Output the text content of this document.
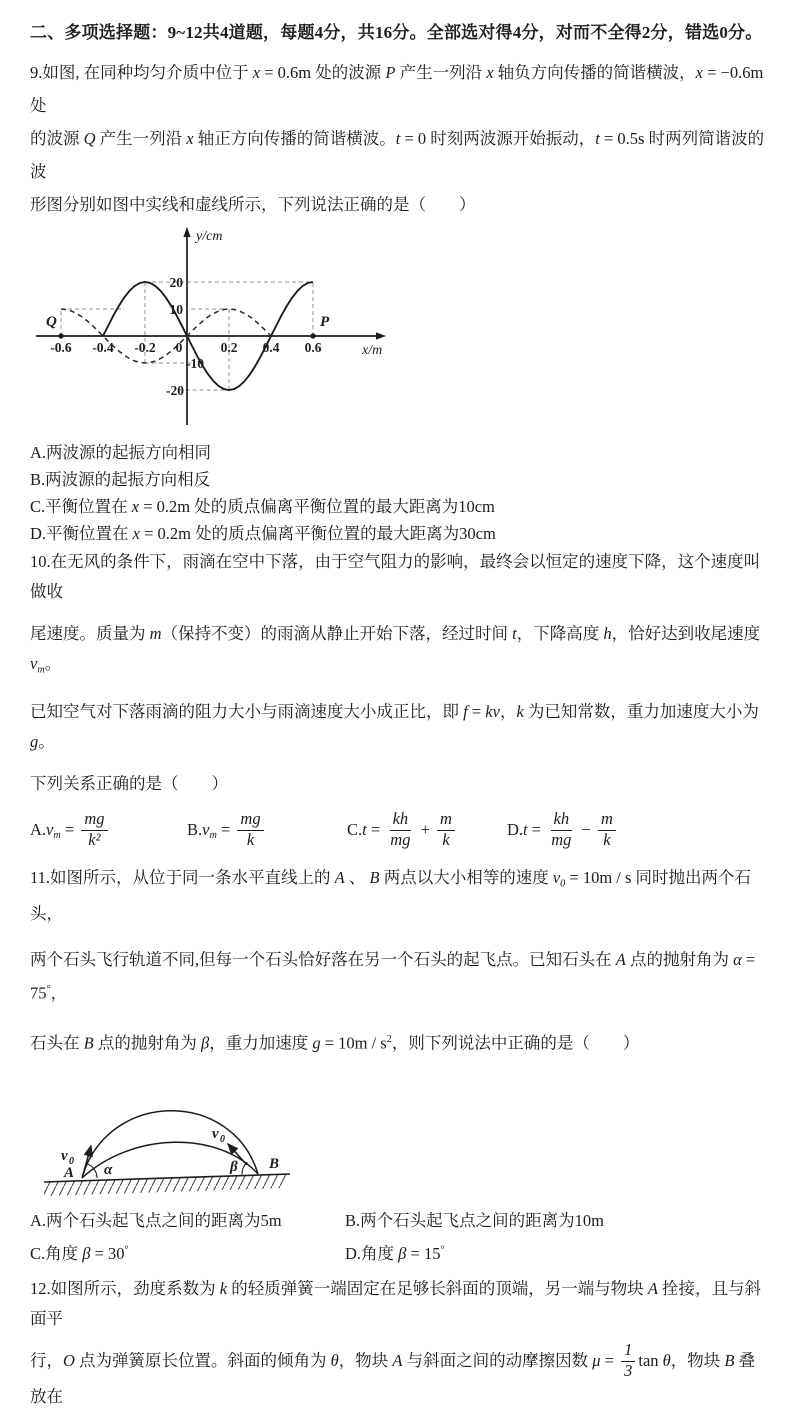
二、多项选择题：9~12共4道题，每题4分，共16分。全部选对得4分，对而不全得2分，错选0分。
9.如图, 在同种均匀介质中位于 x = 0.6m 处的波源 P 产生一列沿 x 轴负方向传播的简谐横波，x = −0.6m 处
的波源 Q 产生一列沿 x 轴正方向传播的简谐横波。t = 0 时刻两波源开始振动，t = 0.5s 时两列简谐波的波
形图分别如图中实线和虚线所示，下列说法正确的是（　　）
-0.6 -0.4 -0.2 0	0.2 0.4 0.6
20
10
-10
-20
Q	P
y/cm
x/m
A.两波源的起振方向相同
B.两波源的起振方向相反
C.平衡位置在 x = 0.2m 处的质点偏离平衡位置的最大距离为10cm
D.平衡位置在 x = 0.2m 处的质点偏离平衡位置的最大距离为30cm
10.在无风的条件下，雨滴在空中下落，由于空气阻力的影响，最终会以恒定的速度下降，这个速度叫做收
尾速度。质量为 m（保持不变）的雨滴从静止开始下落，经过时间 t，下降高度 h，恰好达到收尾速度 vm。
已知空气对下落雨滴的阻力大小与雨滴速度大小成正比，即 f = kv，k 为已知常数，重力加速度大小为 g。
下列关系正确的是（　　）
$A.vm = \frac{mg}{\text{k²}}$	$B.vm = \frac{mg}{k}$	$C.t = \frac{kh}{mg} + \frac{m}{k}$	$D.t = \frac{kh}{mg} - \frac{m}{k}$
11.如图所示，从位于同一条水平直线上的 A 、 B 两点以大小相等的速度 v0 = 10m / s 同时抛出两个石头，
两个石头飞行轨道不同,但每一个石头恰好落在另一个石头的起飞点。已知石头在 A 点的抛射角为 α = 75°，
石头在 B 点的抛射角为 β，重力加速度 $g = 10m / s^2$，则下列说法中正确的是（　　）
v 0
v 0
A
B
α	β
A.两个石头起飞点之间的距离为5m	B.两个石头起飞点之间的距离为10m
C.角度 β = 30°	D.角度 β = 15°
12.如图所示，劲度系数为 k 的轻质弹簧一端固定在足够长斜面的顶端，另一端与物块 A 拴接，且与斜面平
行，O 点为弹簧原长位置。斜面的倾角为 θ，物块 A 与斜面之间的动摩擦因数 $\mu = \frac{1}{3}$ tan θ，物块 B 叠放在
